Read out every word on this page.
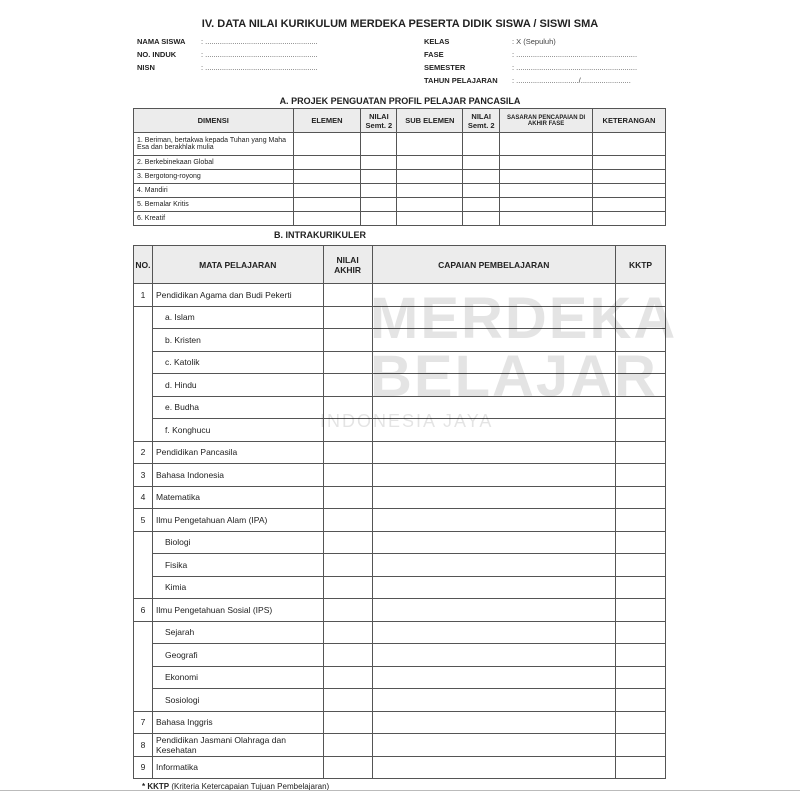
IV. DATA NILAI KURIKULUM MERDEKA PESERTA DIDIK SISWA / SISWI SMA
NAMA SISWA	: ......................................................
NO. INDUK	: ......................................................
NISN	: ......................................................
KELAS	: X (Sepuluh)
FASE	: ..........................................................
SEMESTER	: ..........................................................
TAHUN PELAJARAN	: ............................../........................
A. PROJEK PENGUATAN PROFIL PELAJAR PANCASILA
DIMENSI	ELEMEN	NILAI Semt. 2	SUB ELEMEN	NILAI Semt. 2	SASARAN PENCAPAIAN DI AKHIR FASE	KETERANGAN
1. Beriman, bertakwa kepada Tuhan yang Maha Esa dan berakhlak mulia						
2. Berkebinekaan Global						
3. Bergotong-royong						
4. Mandiri						
5. Bernalar Kritis						
6. Kreatif						
B. INTRAKURIKULER
NO.	MATA PELAJARAN	NILAI AKHIR	CAPAIAN PEMBELAJARAN	KKTP
1	Pendidikan Agama dan Budi Pekerti			
	a. Islam			
	b. Kristen			
	c. Katolik			
	d. Hindu			
	e. Budha			
	f. Konghucu			
2	Pendidikan Pancasila			
3	Bahasa Indonesia			
4	Matematika			
5	Ilmu Pengetahuan Alam (IPA)			
	Biologi			
	Fisika			
	Kimia			
6	Ilmu Pengetahuan Sosial (IPS)			
	Sejarah			
	Geografi			
	Ekonomi			
	Sosiologi			
7	Bahasa Inggris			
8	Pendidikan Jasmani Olahraga dan Kesehatan			
9	Informatika			
MERDEKA
BELAJAR
INDONESIA JAYA
* KKTP (Kriteria Ketercapaian Tujuan Pembelajaran)
